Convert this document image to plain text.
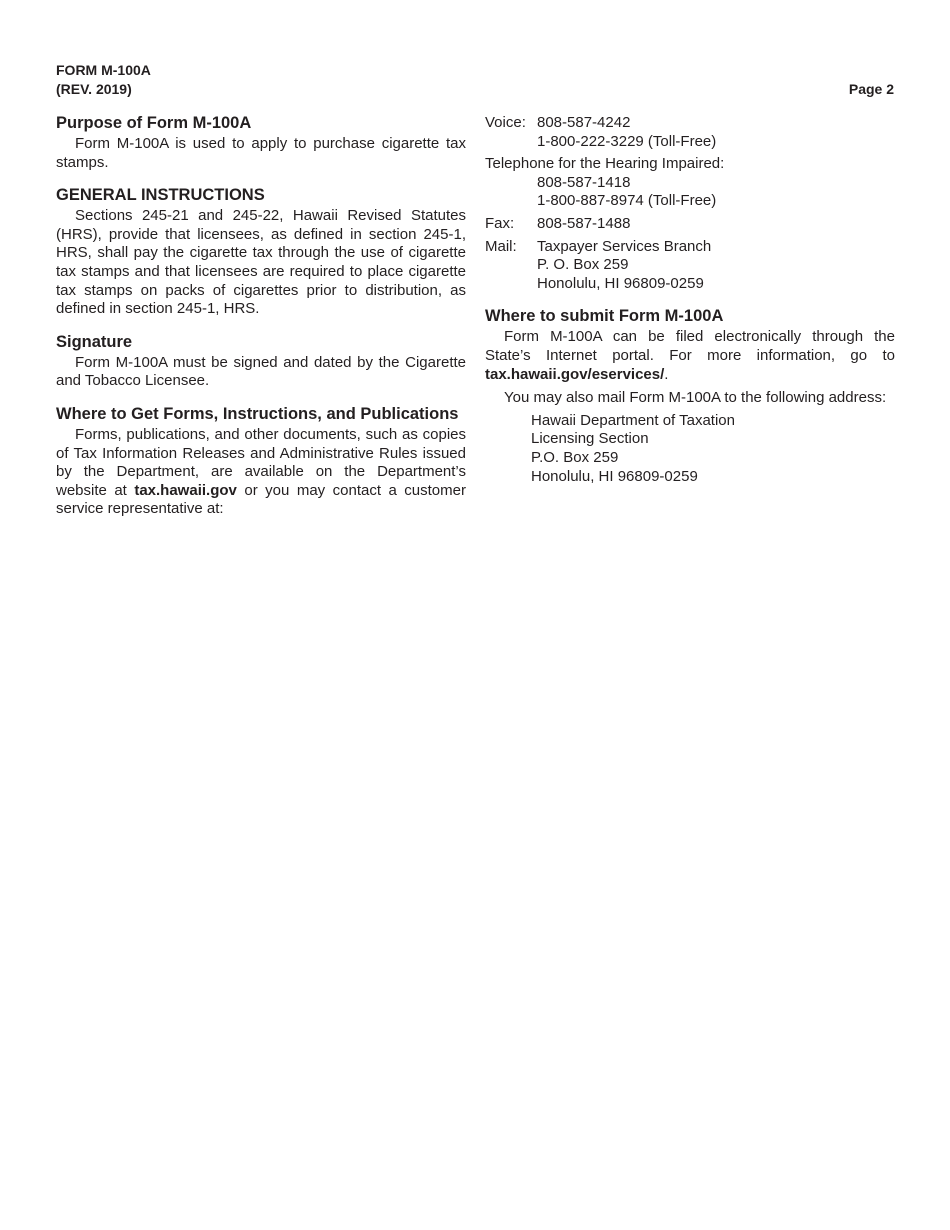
FORM M-100A
(REV. 2019)	Page 2
Purpose of Form M-100A

Form M-100A is used to apply to purchase cigarette tax stamps.

GENERAL INSTRUCTIONS

Sections 245-21 and 245-22, Hawaii Revised Statutes (HRS), provide that licensees, as defined in section 245-1, HRS, shall pay the cigarette tax through the use of cigarette tax stamps and that licensees are required to place cigarette tax stamps on packs of cigarettes prior to distribution, as defined in section 245-1, HRS.

Signature

Form M-100A must be signed and dated by the Cigarette and Tobacco Licensee.

Where to Get Forms, Instructions, and Publications

Forms, publications, and other documents, such as copies of Tax Information Releases and Administrative Rules issued by the Department, are available on the Department’s website at tax.hawaii.gov or you may contact a customer service representative at:

Voice: 808-587-4242
1-800-222-3229 (Toll-Free)
Telephone for the Hearing Impaired:
808-587-1418
1-800-887-8974 (Toll-Free)
Fax:	808-587-1488
Mail:	Taxpayer Services Branch
P. O. Box 259
Honolulu, HI 96809-0259
Where to submit Form M-100A

Form M-100A can be filed electronically through the State’s Internet portal. For more information, go to tax.hawaii.gov/eservices/.

You may also mail Form M-100A to the following address:
Hawaii Department of Taxation
Licensing Section
P.O. Box 259
Honolulu, HI 96809-0259
